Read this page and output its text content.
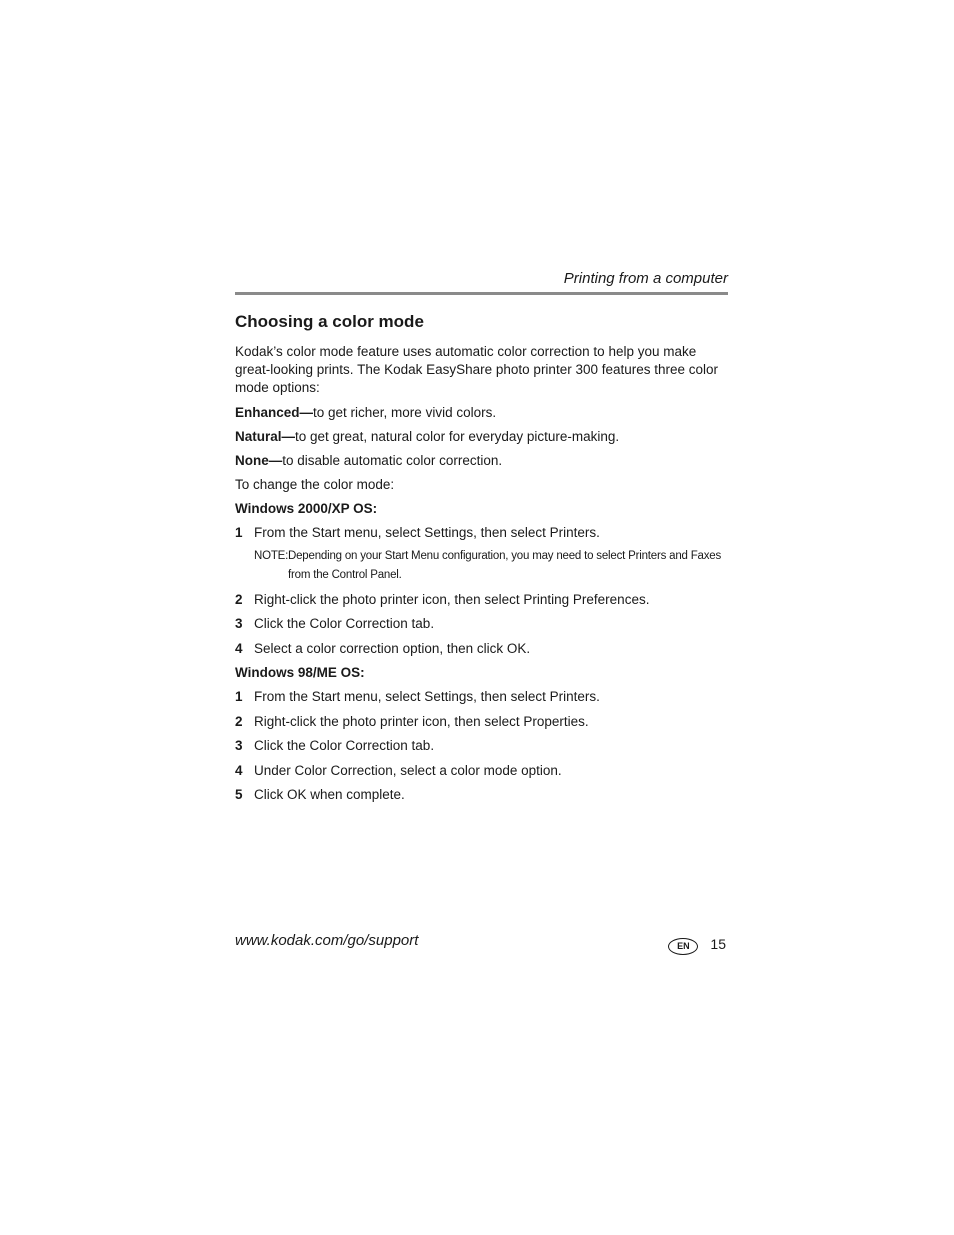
Printing from a computer
Choosing a color mode

Kodak’s color mode feature uses automatic color correction to help you make great-looking prints. The Kodak EasyShare photo printer 300 features three color mode options:

Enhanced—to get richer, more vivid colors.

Natural—to get great, natural color for everyday picture-making.

None—to disable automatic color correction.

To change the color mode:

Windows 2000/XP OS:
1 From the Start menu, select Settings, then select Printers.
NOTE: Depending on your Start Menu configuration, you may need to select Printers and Faxes from the Control Panel.
2 Right-click the photo printer icon, then select Printing Preferences.
3 Click the Color Correction tab.
4 Select a color correction option, then click OK.
Windows 98/ME OS:
1 From the Start menu, select Settings, then select Printers.
2 Right-click the photo printer icon, then select Properties.
3 Click the Color Correction tab.
4 Under Color Correction, select a color mode option.
5 Click OK when complete.
www.kodak.com/go/support	EN	15
